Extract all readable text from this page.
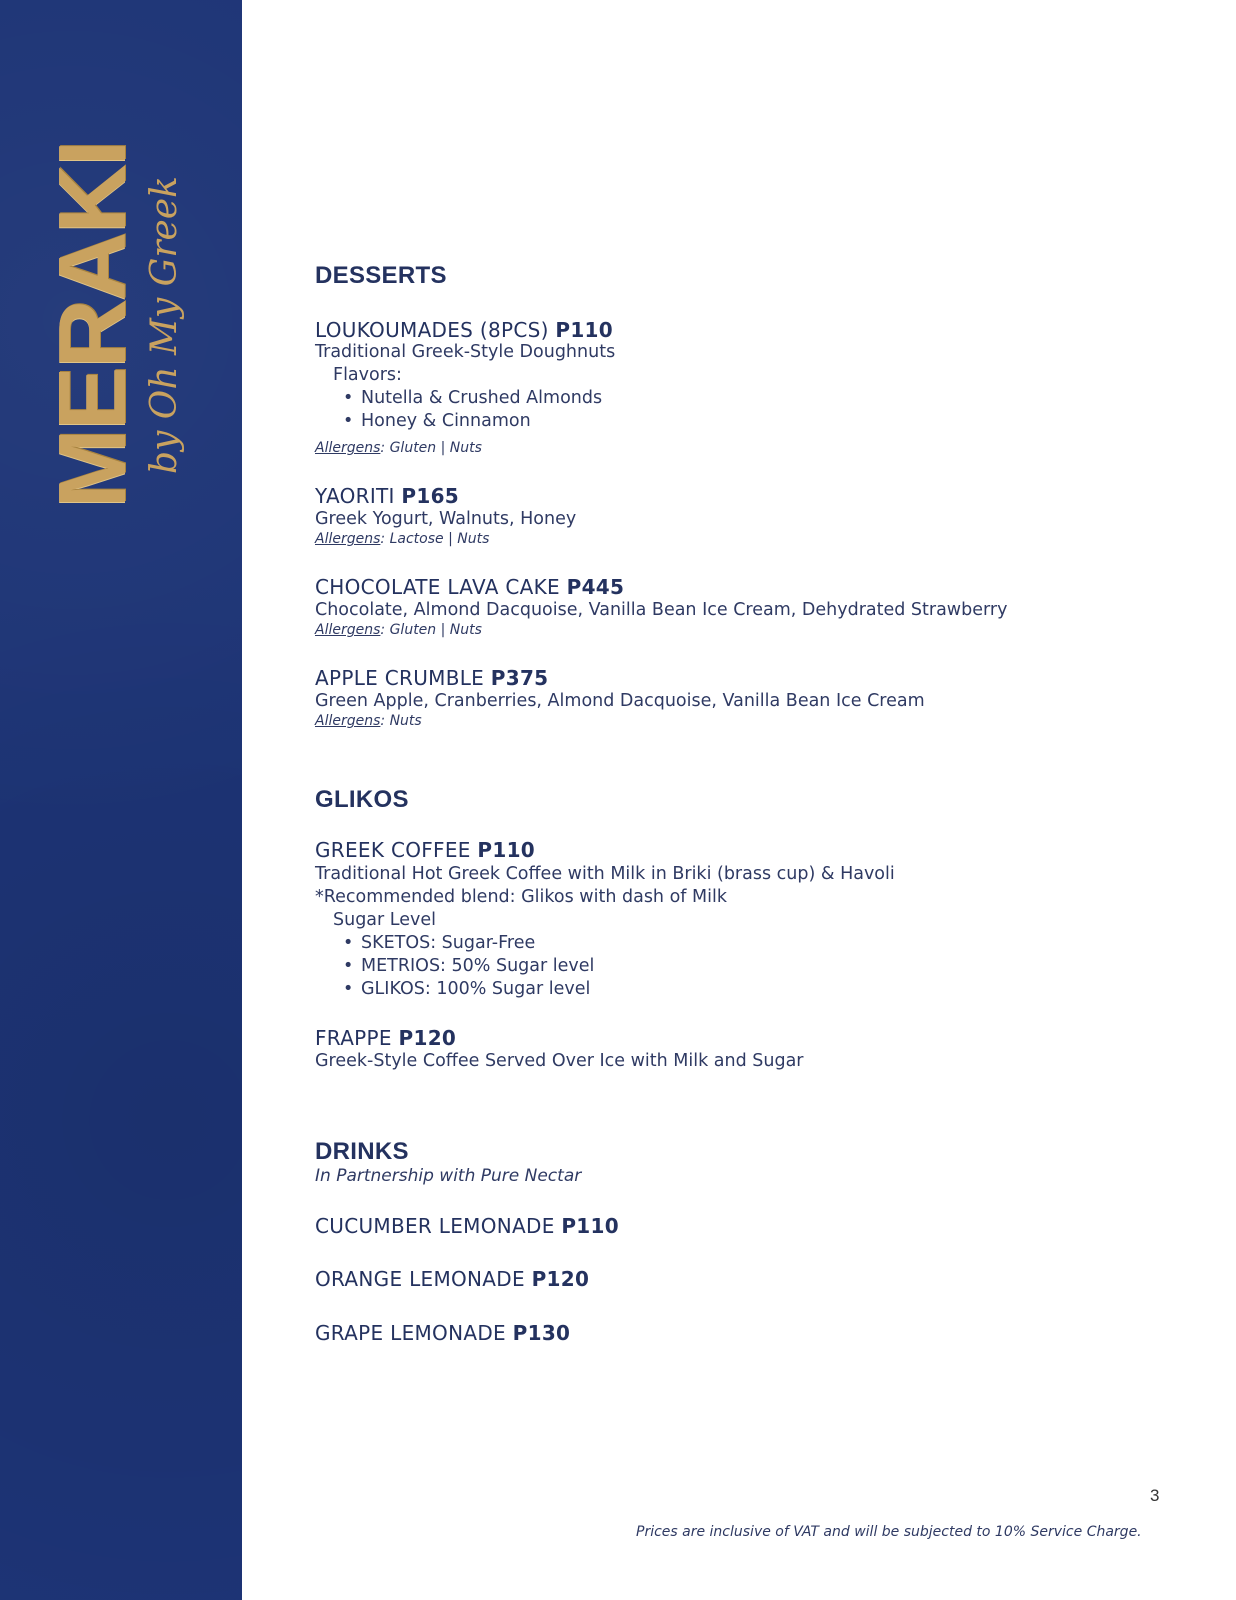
MERAKI
by Oh My Greek	DESSERTS
LOUKOUMADES (8PCS) P110
Traditional Greek-Style Doughnuts
Flavors:
• Nutella & Crushed Almonds
• Honey & Cinnamon
Allergens: Gluten | Nuts
YAORITI P165
Greek Yogurt, Walnuts, Honey
Allergens: Lactose | Nuts
CHOCOLATE LAVA CAKE P445
Chocolate, Almond Dacquoise, Vanilla Bean Ice Cream, Dehydrated Strawberry
Allergens: Gluten | Nuts
APPLE CRUMBLE P375
Green Apple, Cranberries, Almond Dacquoise, Vanilla Bean Ice Cream
Allergens: Nuts
GLIKOS
GREEK COFFEE P110
Traditional Hot Greek Coffee with Milk in Briki (brass cup) & Havoli
*Recommended blend: Glikos with dash of Milk
Sugar Level
• SKETOS: Sugar-Free
• METRIOS: 50% Sugar level
• GLIKOS: 100% Sugar level
FRAPPE P120
Greek-Style Coffee Served Over Ice with Milk and Sugar
DRINKS
In Partnership with Pure Nectar
CUCUMBER LEMONADE P110
ORANGE LEMONADE P120
GRAPE LEMONADE P130
3
Prices are inclusive of VAT and will be subjected to 10% Service Charge.
